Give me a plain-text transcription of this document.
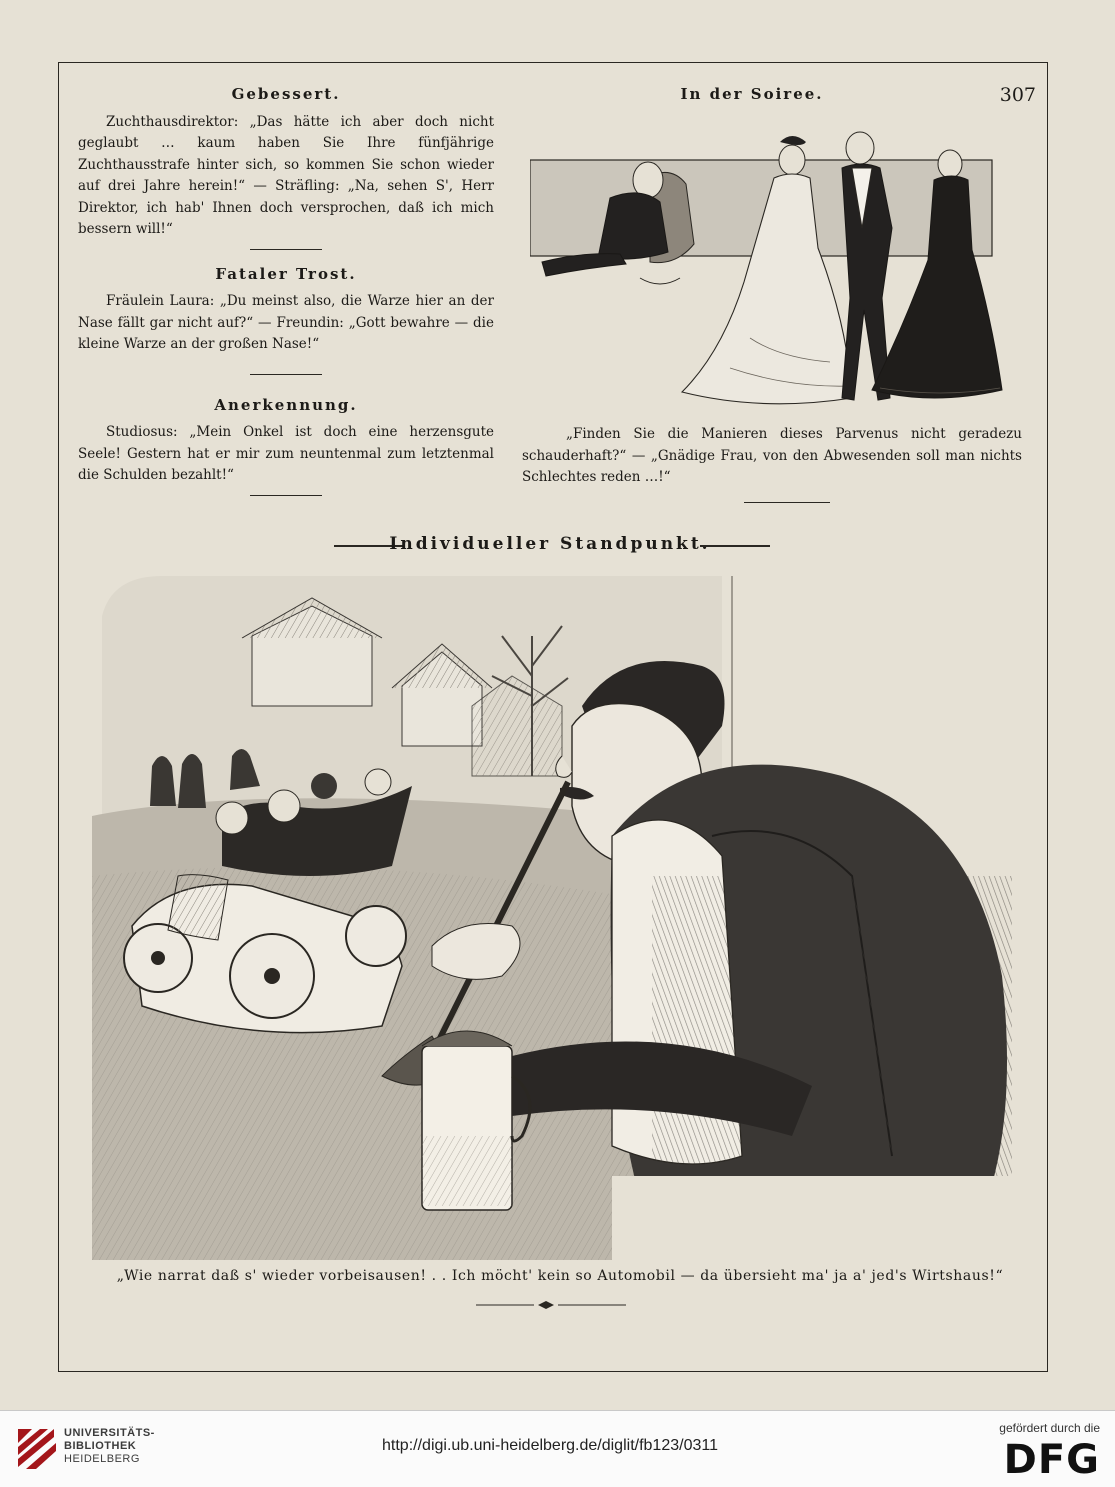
307

Gebessert.

Zuchthausdirektor: „Das hätte ich aber doch nicht geglaubt … kaum haben Sie Ihre fünfjährige Zuchthausstrafe hinter sich, so kommen Sie schon wieder auf drei Jahre herein!“ — Sträfling: „Na, sehen S', Herr Direktor, ich hab' Ihnen doch versprochen, daß ich mich bessern will!“

Fataler Trost.

Fräulein Laura: „Du meinst also, die Warze hier an der Nase fällt gar nicht auf?“ — Freundin: „Gott bewahre — die kleine Warze an der großen Nase!“

Anerkennung.

Studiosus: „Mein Onkel ist doch eine herzensgute Seele! Gestern hat er mir zum neuntenmal zum letztenmal die Schulden bezahlt!“

In der Soiree.

„Finden Sie die Manieren dieses Parvenus nicht geradezu schauderhaft?“ — „Gnädige Frau, von den Abwesenden soll man nichts Schlechtes reden …!“

Individueller Standpunkt.
„Wie narrat daß s' wieder vorbeisausen! . . Ich möcht' kein so Automobil — da übersieht ma' ja a' jed's Wirtshaus!“
UNIVERSITÄTS-
BIBLIOTHEK
HEIDELBERG
http://digi.ub.uni-heidelberg.de/diglit/fb123/0311
gefördert durch die
DFG
